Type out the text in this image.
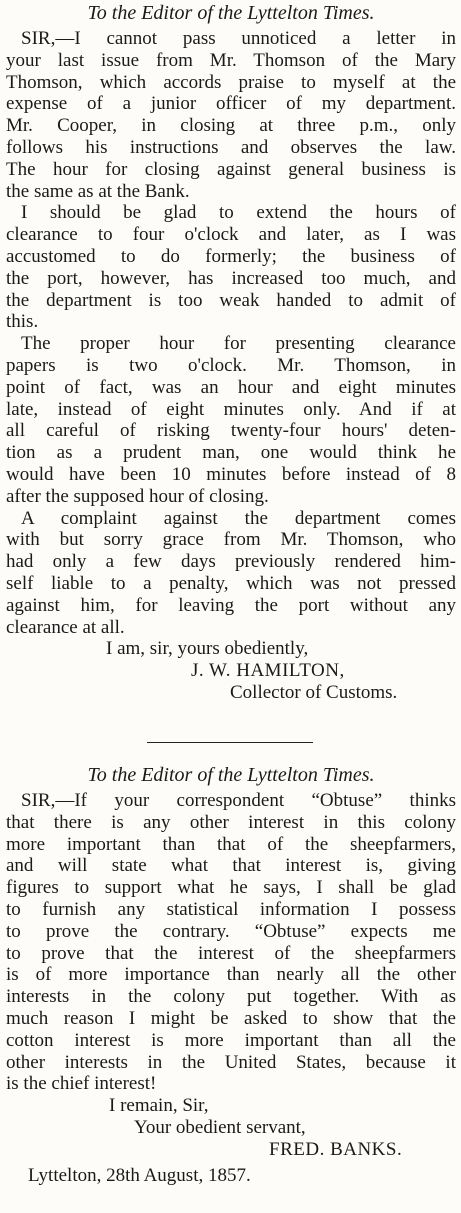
To the Editor of the Lyttelton Times.

SIR,—I cannot pass unnoticed a letter in
your last issue from Mr. Thomson of the Mary
Thomson, which accords praise to myself at the
expense of a junior officer of my department.
Mr. Cooper, in closing at three p.m., only
follows his instructions and observes the law.
The hour for closing against general business is
the same as at the Bank.
I should be glad to extend the hours of
clearance to four o'clock and later, as I was
accustomed to do formerly; the business of
the port, however, has increased too much, and
the department is too weak handed to admit of
this.
The proper hour for presenting clearance
papers is two o'clock. Mr. Thomson, in
point of fact, was an hour and eight minutes
late, instead of eight minutes only. And if at
all careful of risking twenty-four hours' deten-
tion as a prudent man, one would think he
would have been 10 minutes before instead of 8
after the supposed hour of closing.
A complaint against the department comes
with but sorry grace from Mr. Thomson, who
had only a few days previously rendered him-
self liable to a penalty, which was not pressed
against him, for leaving the port without any
clearance at all.
I am, sir, yours obediently,
J. W. HAMILTON,
Collector of Customs.

To the Editor of the Lyttelton Times.

SIR,—If your correspondent “Obtuse” thinks
that there is any other interest in this colony
more important than that of the sheepfarmers,
and will state what that interest is, giving
figures to support what he says, I shall be glad
to furnish any statistical information I possess
to prove the contrary. “Obtuse” expects me
to prove that the interest of the sheepfarmers
is of more importance than nearly all the other
interests in the colony put together. With as
much reason I might be asked to show that the
cotton interest is more important than all the
other interests in the United States, because it
is the chief interest!
I remain, Sir,
Your obedient servant,
FRED. BANKS.
Lyttelton, 28th August, 1857.
